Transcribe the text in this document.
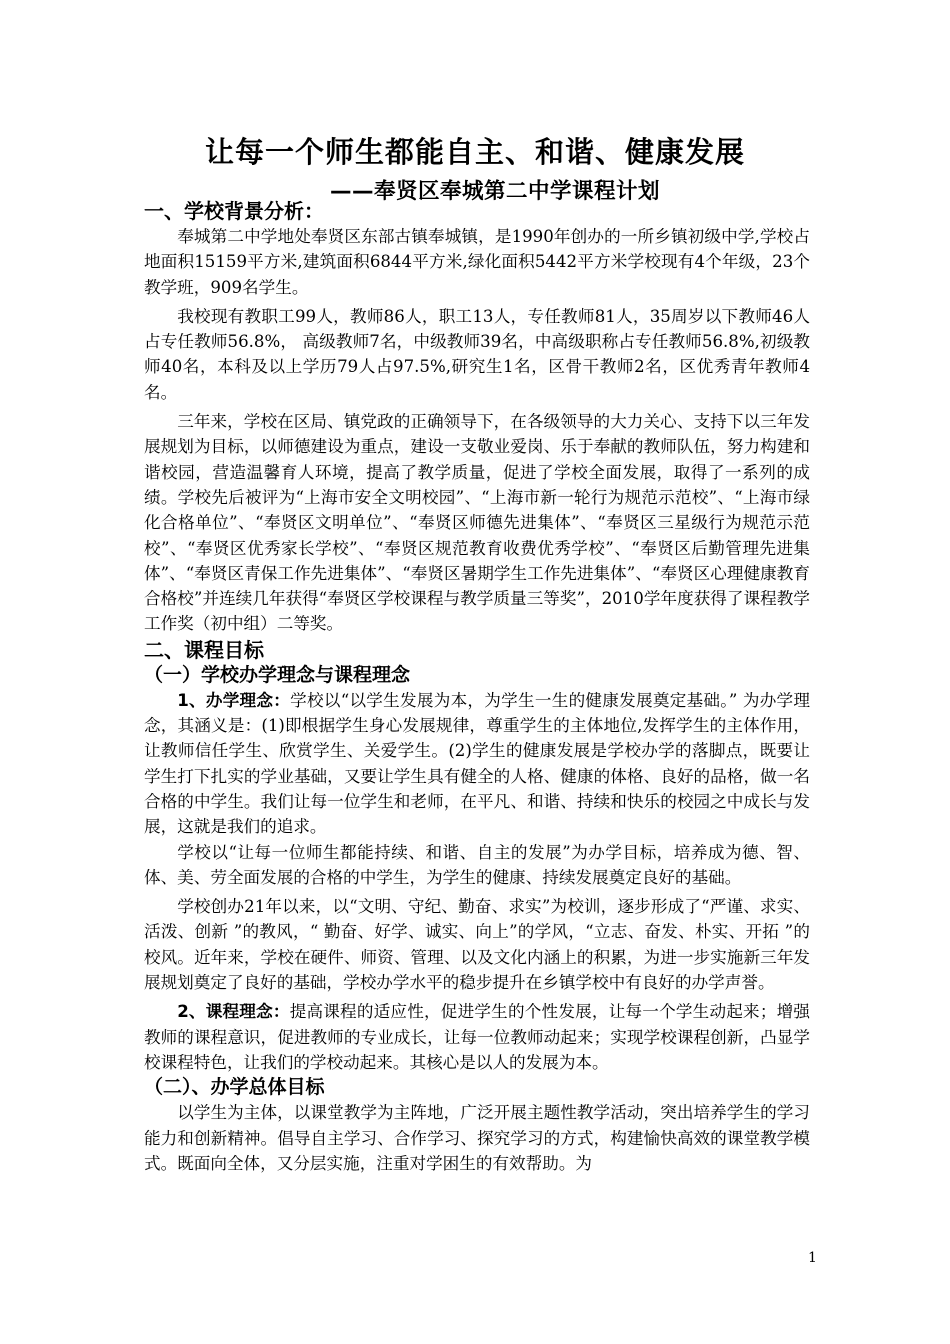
让每一个师生都能自主、和谐、健康发展
——奉贤区奉城第二中学课程计划
一、学校背景分析：

奉城第二中学地处奉贤区东部古镇奉城镇，是1990年创办的一所乡镇初级中学,学校占地面积15159平方米,建筑面积6844平方米,绿化面积5442平方米学校现有4个年级，23个教学班，909名学生。

我校现有教职工99人，教师86人，职工13人，专任教师81人，35周岁以下教师46人占专任教师56.8%， 高级教师7名，中级教师39名，中高级职称占专任教师56.8%,初级教师40名，本科及以上学历79人占97.5%,研究生1名，区骨干教师2名，区优秀青年教师4名。

三年来，学校在区局、镇党政的正确领导下，在各级领导的大力关心、支持下以三年发展规划为目标，以师德建设为重点，建设一支敬业爱岗、乐于奉献的教师队伍，努力构建和谐校园，营造温馨育人环境，提高了教学质量，促进了学校全面发展，取得了一系列的成绩。学校先后被评为“上海市安全文明校园”、“上海市新一轮行为规范示范校”、“上海市绿化合格单位”、“奉贤区文明单位”、“奉贤区师德先进集体”、“奉贤区三星级行为规范示范校”、“奉贤区优秀家长学校”、“奉贤区规范教育收费优秀学校”、“奉贤区后勤管理先进集体”、“奉贤区青保工作先进集体”、“奉贤区暑期学生工作先进集体”、“奉贤区心理健康教育合格校”并连续几年获得“奉贤区学校课程与教学质量三等奖”，2010学年度获得了课程教学工作奖（初中组）二等奖。

二、课程目标
（一）学校办学理念与课程理念

1、办学理念：学校以“以学生发展为本，为学生一生的健康发展奠定基础。” 为办学理念，其涵义是：(1)即根据学生身心发展规律，尊重学生的主体地位,发挥学生的主体作用，让教师信任学生、欣赏学生、关爱学生。(2)学生的健康发展是学校办学的落脚点，既要让学生打下扎实的学业基础，又要让学生具有健全的人格、健康的体格、良好的品格，做一名合格的中学生。我们让每一位学生和老师，在平凡、和谐、持续和快乐的校园之中成长与发展，这就是我们的追求。

学校以“让每一位师生都能持续、和谐、自主的发展”为办学目标，培养成为德、智、体、美、劳全面发展的合格的中学生，为学生的健康、持续发展奠定良好的基础。

学校创办21年以来，以“文明、守纪、勤奋、求实”为校训，逐步形成了“严谨、求实、活泼、创新 ”的教风，“ 勤奋、好学、诚实、向上”的学风，“立志、奋发、朴实、开拓 ”的校风。近年来，学校在硬件、师资、管理、以及文化内涵上的积累，为进一步实施新三年发展规划奠定了良好的基础，学校办学水平的稳步提升在乡镇学校中有良好的办学声誉。

2、课程理念：提高课程的适应性，促进学生的个性发展，让每一个学生动起来；增强教师的课程意识，促进教师的专业成长，让每一位教师动起来；实现学校课程创新，凸显学校课程特色，让我们的学校动起来。其核心是以人的发展为本。

（二）、办学总体目标

以学生为主体，以课堂教学为主阵地，广泛开展主题性教学活动，突出培养学生的学习能力和创新精神。倡导自主学习、合作学习、探究学习的方式，构建愉快高效的课堂教学模式。既面向全体，又分层实施，注重对学困生的有效帮助。为

1
